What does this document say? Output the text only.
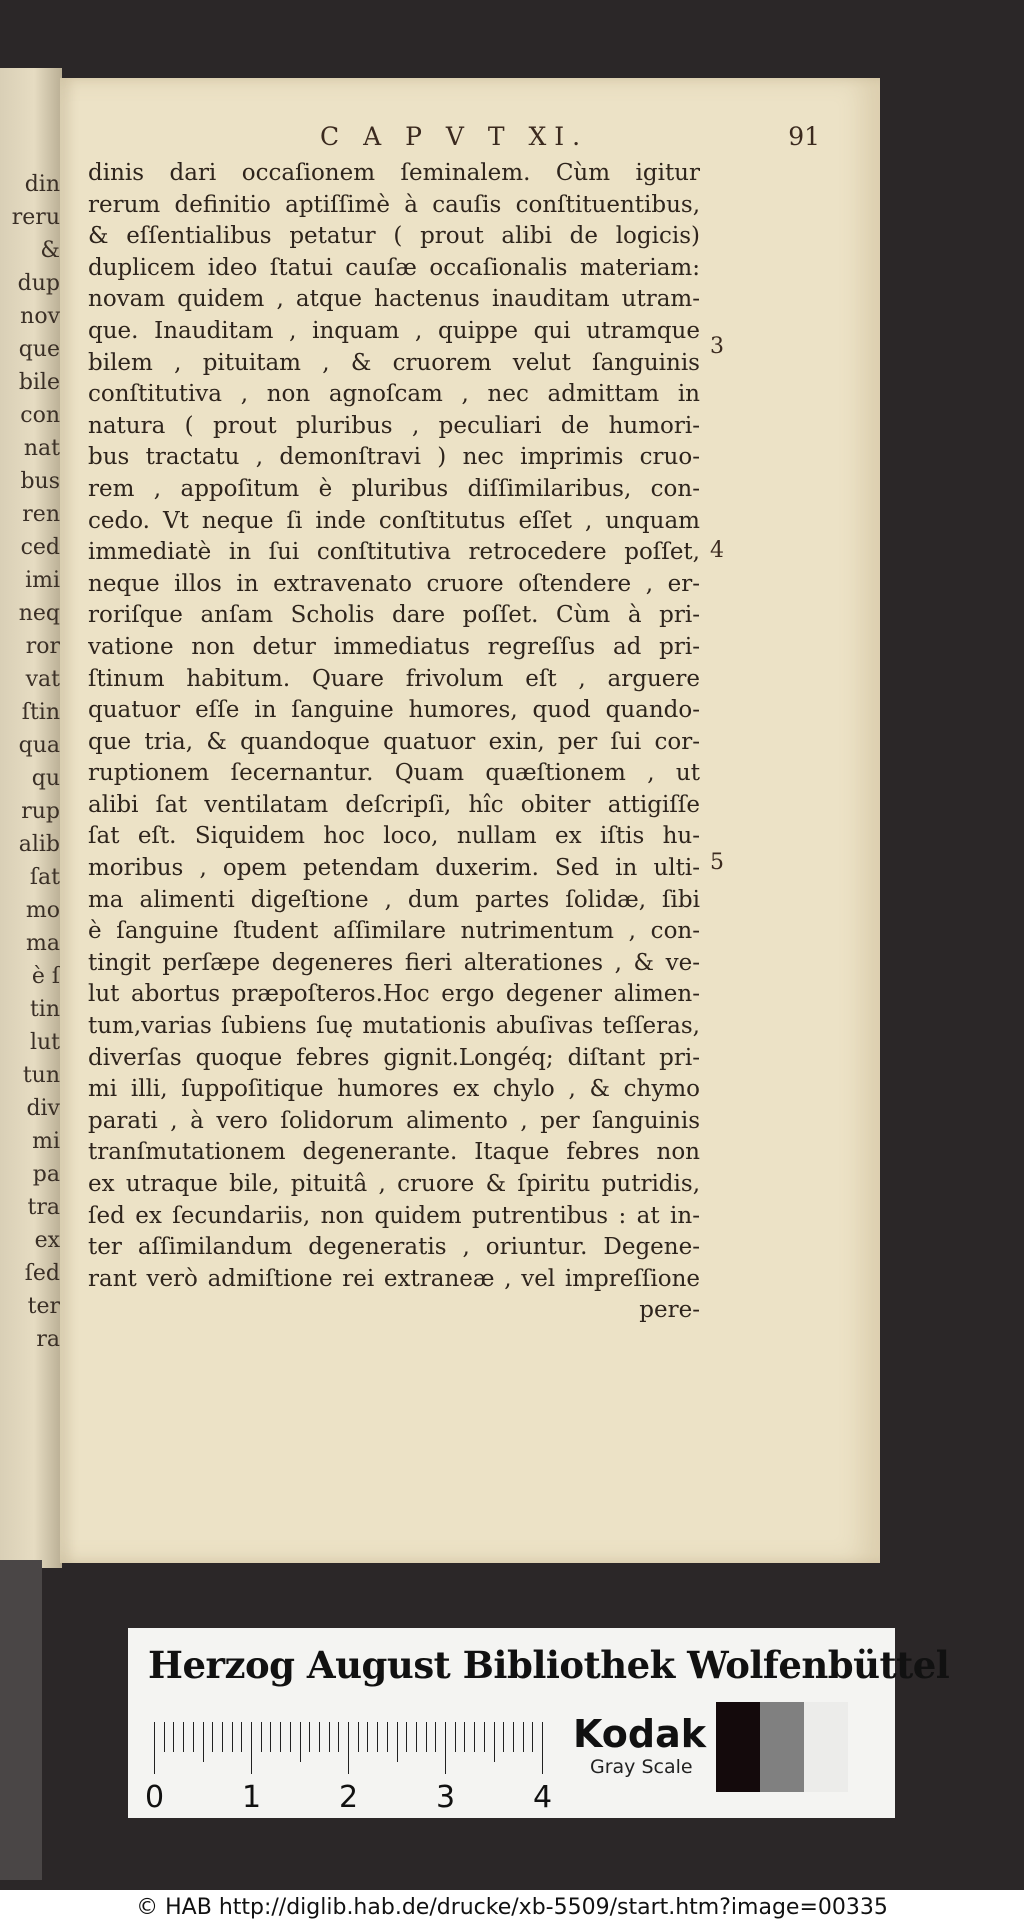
din
reru
&
dup
nov
que
bile
con
nat
bus
ren
ced
imi
neq
ror
vat
ſtin
qua
qu
rup
alib
ſat
mo
ma
è ſ
tin
lut
tun
div
mi
pa
tra
ex
ſed
ter
ra
C A P V T XI.	91
dinis dari occaſionem ſeminalem. Cùm igitur
rerum definitio aptiſſimè à cauſis conſtituentibus,
& eſſentialibus petatur ( prout alibi de logicis)
duplicem ideo ſtatui cauſæ occaſionalis materiam:
novam quidem , atque hactenus inauditam utram-
que. Inauditam , inquam , quippe qui utramque
bilem , pituitam , & cruorem velut ſanguinis
conſtitutiva , non agnoſcam , nec admittam in
natura ( prout pluribus , peculiari de humori-
bus tractatu , demonſtravi ) nec imprimis cruo-
rem , appoſitum è pluribus diſſimilaribus, con-
cedo. Vt neque ſi inde conſtitutus eſſet , unquam
immediatè in ſui conſtitutiva retrocedere poſſet,
neque illos in extravenato cruore oſtendere , er-
roriſque anſam Scholis dare poſſet. Cùm à pri-
vatione non detur immediatus regreſſus ad pri-
ſtinum habitum. Quare frivolum eſt , arguere
quatuor eſſe in ſanguine humores, quod quando-
que tria, & quandoque quatuor exin, per ſui cor-
ruptionem ſecernantur. Quam quæſtionem , ut
alibi ſat ventilatam deſcripſi, hîc obiter attigiſſe
ſat eſt. Siquidem hoc loco, nullam ex iſtis hu-
moribus , opem petendam duxerim. Sed in ulti-
ma alimenti digeſtione , dum partes ſolidæ, ſibi
è ſanguine ſtudent aſſimilare nutrimentum , con-
tingit perſæpe degeneres fieri alterationes , & ve-
lut abortus præpoſteros.Hoc ergo degener alimen-
tum,varias ſubiens ſuę mutationis abuſivas teſſeras,
diverſas quoque febres gignit.Longéq; diſtant pri-
mi illi, ſuppoſitique humores ex chylo , & chymo
parati , à vero ſolidorum alimento , per ſanguinis
tranſmutationem degenerante. Itaque febres non
ex utraque bile, pituitâ , cruore & ſpiritu putridis,
ſed ex ſecundariis, non quidem putrentibus : at in-
ter aſſimilandum degeneratis , oriuntur. Degene-
rant verò admiſtione rei extraneæ , vel impreſſione
pere-
3
4
5
Herzog August Bibliothek Wolfenbüttel
0	1	2	3	4
Kodak
Gray Scale
© HAB http://diglib.hab.de/drucke/xb-5509/start.htm?image=00335
